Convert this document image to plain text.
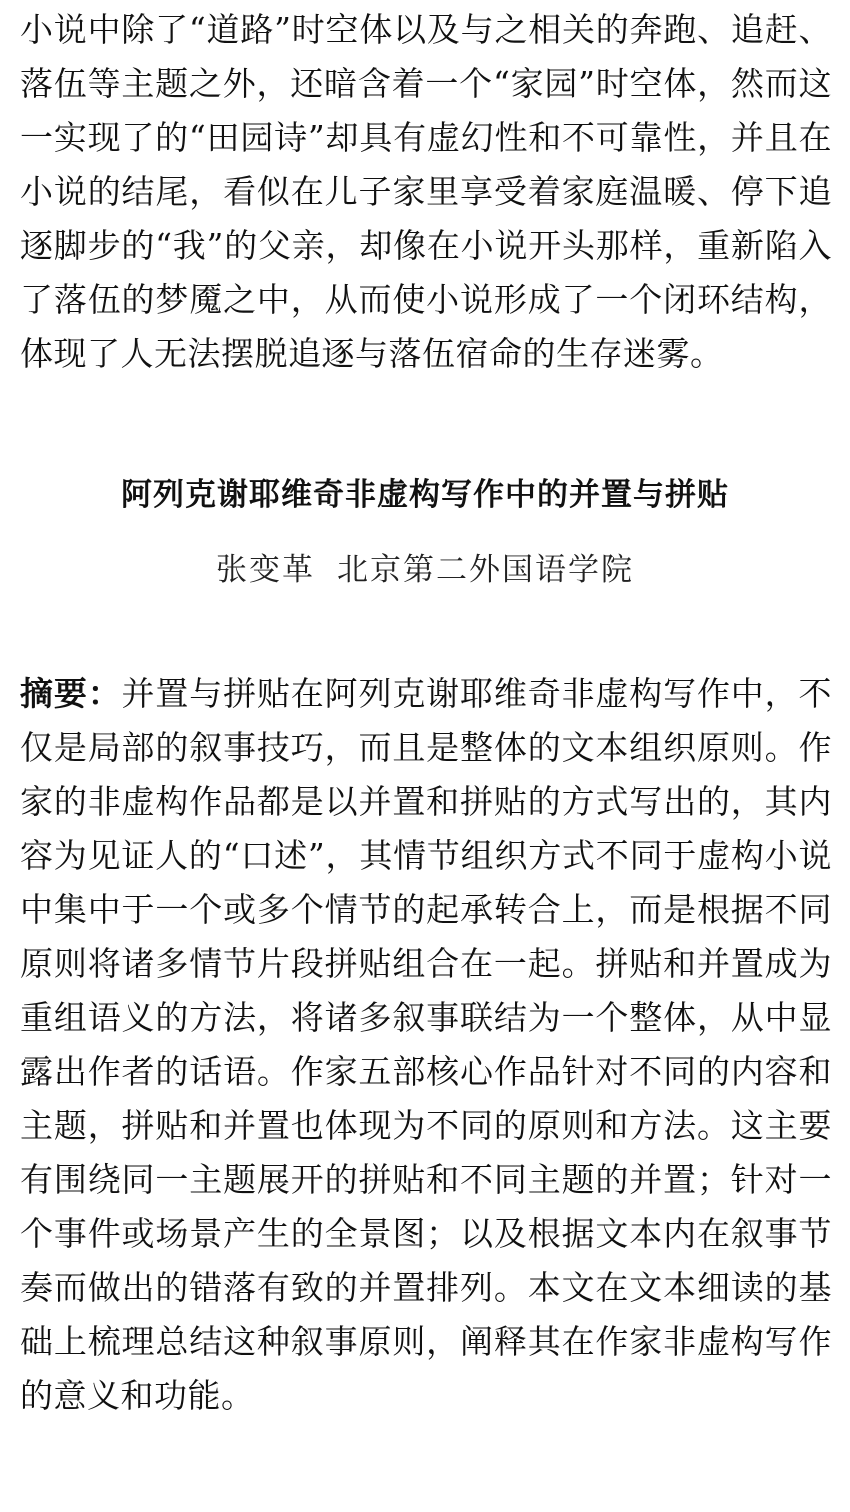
小说中除了“道路”时空体以及与之相关的奔跑、追赶、落伍等主题之外，还暗含着一个“家园”时空体，然而这一实现了的“田园诗”却具有虚幻性和不可靠性，并且在小说的结尾，看似在儿子家里享受着家庭温暖、停下追逐脚步的“我”的父亲，却像在小说开头那样，重新陷入了落伍的梦魇之中，从而使小说形成了一个闭环结构，体现了人无法摆脱追逐与落伍宿命的生存迷雾。

阿列克谢耶维奇非虚构写作中的并置与拼贴
张变革 北京第二外国语学院

摘要：并置与拼贴在阿列克谢耶维奇非虚构写作中，不仅是局部的叙事技巧，而且是整体的文本组织原则。作家的非虚构作品都是以并置和拼贴的方式写出的，其内容为见证人的“口述”，其情节组织方式不同于虚构小说中集中于一个或多个情节的起承转合上，而是根据不同原则将诸多情节片段拼贴组合在一起。拼贴和并置成为重组语义的方法，将诸多叙事联结为一个整体，从中显露出作者的话语。作家五部核心作品针对不同的内容和主题，拼贴和并置也体现为不同的原则和方法。这主要有围绕同一主题展开的拼贴和不同主题的并置；针对一个事件或场景产生的全景图；以及根据文本内在叙事节奏而做出的错落有致的并置排列。本文在文本细读的基础上梳理总结这种叙事原则，阐释其在作家非虚构写作的意义和功能。
